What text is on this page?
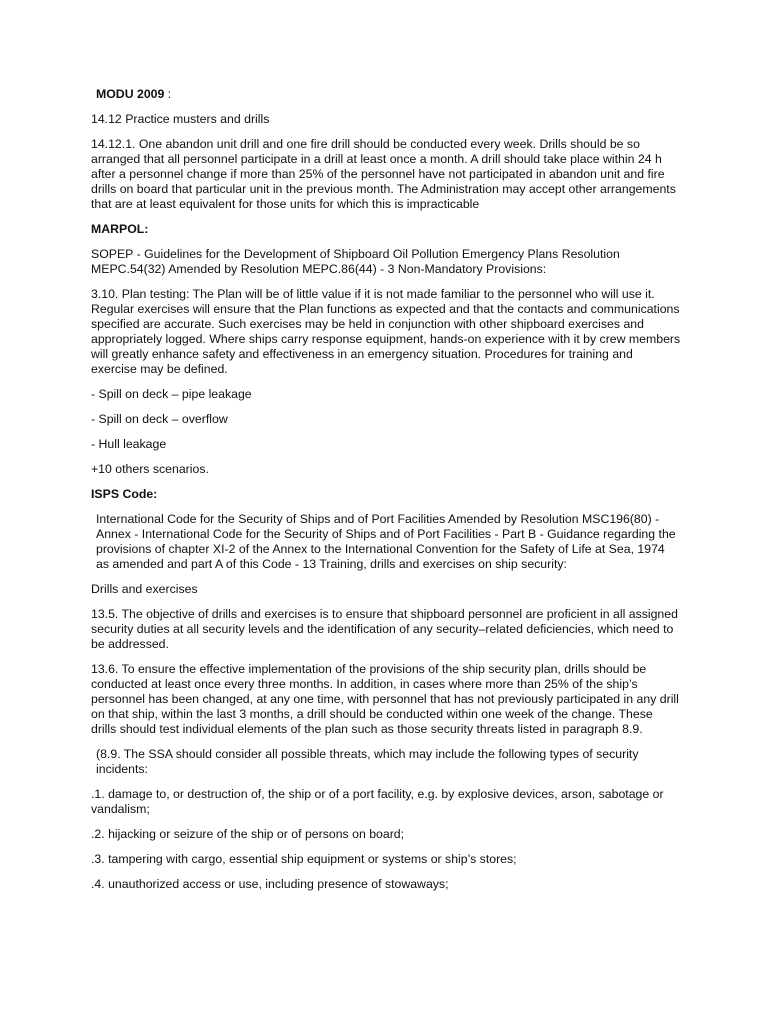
MODU 2009 :

14.12 Practice musters and drills

14.12.1. One abandon unit drill and one fire drill should be conducted every week. Drills should be so arranged that all personnel participate in a drill at least once a month. A drill should take place within 24 h after a personnel change if more than 25% of the personnel have not participated in abandon unit and fire drills on board that particular unit in the previous month. The Administration may accept other arrangements that are at least equivalent for those units for which this is impracticable

MARPOL:

SOPEP - Guidelines for the Development of Shipboard Oil Pollution Emergency Plans Resolution MEPC.54(32) Amended by Resolution MEPC.86(44) - 3 Non-Mandatory Provisions:

3.10. Plan testing: The Plan will be of little value if it is not made familiar to the personnel who will use it. Regular exercises will ensure that the Plan functions as expected and that the contacts and communications specified are accurate. Such exercises may be held in conjunction with other shipboard exercises and appropriately logged. Where ships carry response equipment, hands-on experience with it by crew members will greatly enhance safety and effectiveness in an emergency situation. Procedures for training and exercise may be defined.

- Spill on deck – pipe leakage

- Spill on deck – overflow

- Hull leakage

+10 others scenarios.

ISPS Code:

International Code for the Security of Ships and of Port Facilities Amended by Resolution MSC196(80) - Annex - International Code for the Security of Ships and of Port Facilities - Part B - Guidance regarding the provisions of chapter XI-2 of the Annex to the International Convention for the Safety of Life at Sea, 1974 as amended and part A of this Code - 13 Training, drills and exercises on ship security:

Drills and exercises

13.5. The objective of drills and exercises is to ensure that shipboard personnel are proficient in all assigned security duties at all security levels and the identification of any security–related deficiencies, which need to be addressed.

13.6. To ensure the effective implementation of the provisions of the ship security plan, drills should be conducted at least once every three months. In addition, in cases where more than 25% of the ship’s personnel has been changed, at any one time, with personnel that has not previously participated in any drill on that ship, within the last 3 months, a drill should be conducted within one week of the change. These drills should test individual elements of the plan such as those security threats listed in paragraph 8.9.

(8.9. The SSA should consider all possible threats, which may include the following types of security incidents:

.1. damage to, or destruction of, the ship or of a port facility, e.g. by explosive devices, arson, sabotage or vandalism;

.2. hijacking or seizure of the ship or of persons on board;

.3. tampering with cargo, essential ship equipment or systems or ship’s stores;

.4. unauthorized access or use, including presence of stowaways;
